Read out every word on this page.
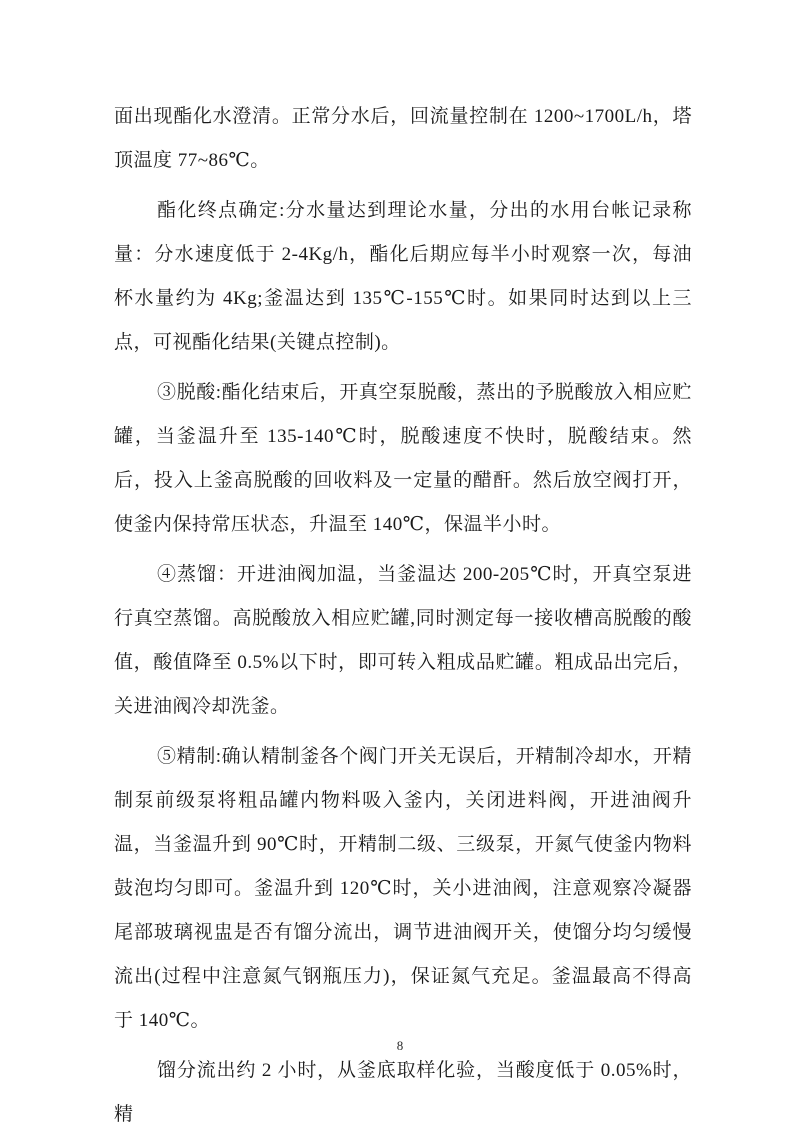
面出现酯化水澄清。正常分水后，回流量控制在 1200~1700L/h，塔顶温度 77~86℃。

酯化终点确定:分水量达到理论水量，分出的水用台帐记录称量：分水速度低于 2-4Kg/h，酯化后期应每半小时观察一次，每油杯水量约为 4Kg;釜温达到 135℃-155℃时。如果同时达到以上三点，可视酯化结果(关键点控制)。

③脱酸:酯化结束后，开真空泵脱酸，蒸出的予脱酸放入相应贮罐，当釜温升至 135-140℃时，脱酸速度不快时，脱酸结束。然后，投入上釜高脱酸的回收料及一定量的醋酐。然后放空阀打开，使釜内保持常压状态，升温至 140℃，保温半小时。

④蒸馏：开进油阀加温，当釜温达 200-205℃时，开真空泵进行真空蒸馏。高脱酸放入相应贮罐,同时测定每一接收槽高脱酸的酸值，酸值降至 0.5%以下时，即可转入粗成品贮罐。粗成品出完后，关进油阀冷却洗釜。

⑤精制:确认精制釜各个阀门开关无误后，开精制冷却水，开精制泵前级泵将粗品罐内物料吸入釜内，关闭进料阀，开进油阀升温，当釜温升到 90℃时，开精制二级、三级泵，开氮气使釜内物料鼓泡均匀即可。釜温升到 120℃时，关小进油阀，注意观察冷凝器尾部玻璃视盅是否有馏分流出，调节进油阀开关，使馏分均匀缓慢流出(过程中注意氮气钢瓶压力)，保证氮气充足。釜温最高不得高于 140℃。

馏分流出约 2 小时，从釜底取样化验，当酸度低于 0.05%时，精

8
